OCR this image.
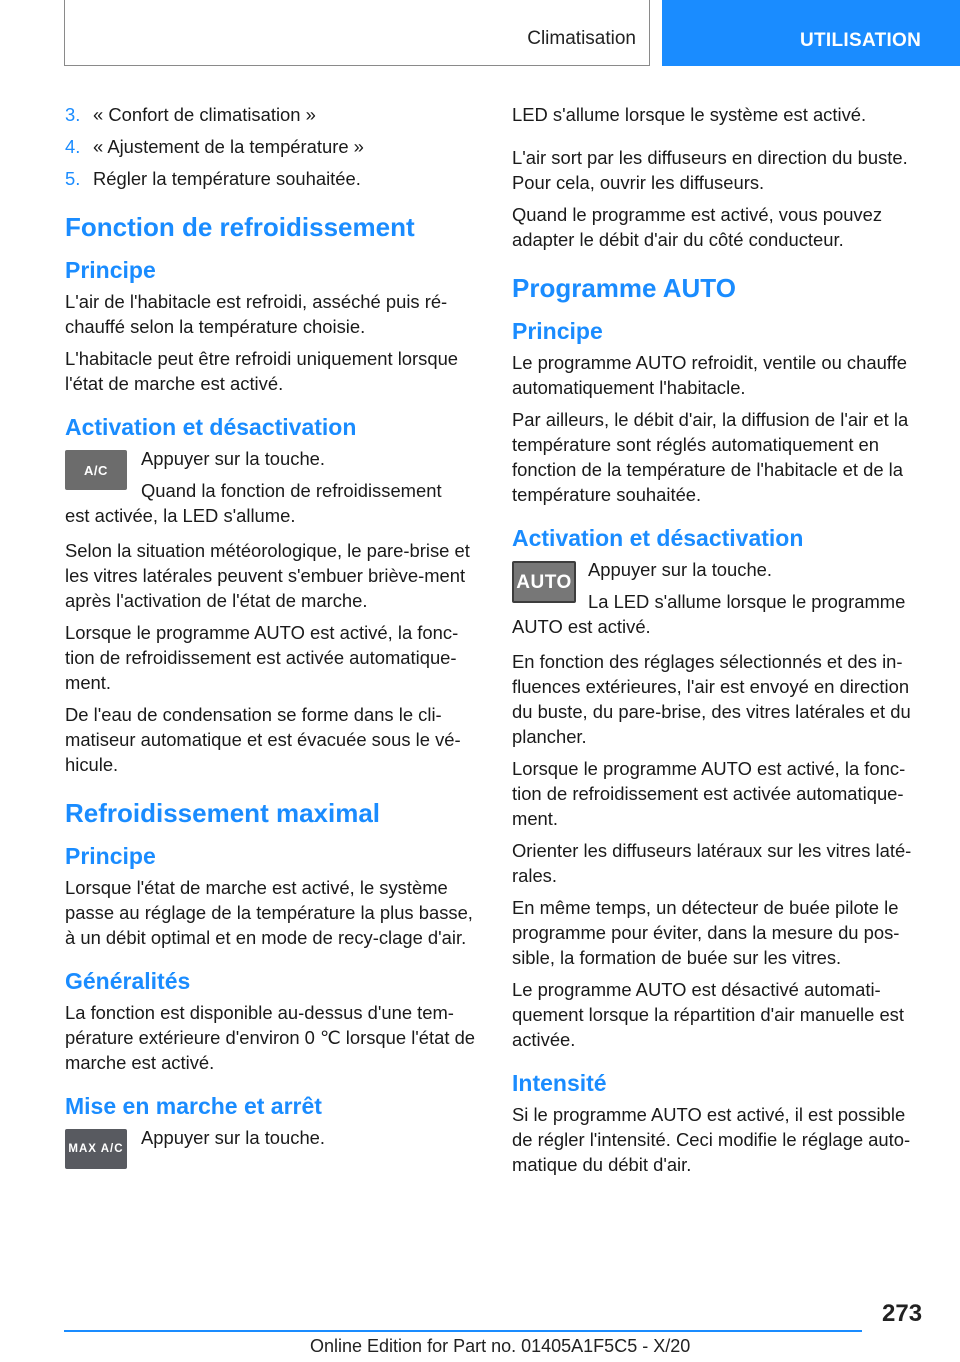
Climatisation	UTILISATION
3. « Confort de climatisation »
4. « Ajustement de la température »
5. Régler la température souhaitée.
Fonction de refroidissement
Principe

L'air de l'habitacle est refroidi, asséché puis ré-chauffé selon la température choisie.

L'habitacle peut être refroidi uniquement lorsque l'état de marche est activé.

Activation et désactivation
A/C

Appuyer sur la touche.

Quand la fonction de refroidissement

est activée, la LED s'allume.

Selon la situation météorologique, le pare-brise et les vitres latérales peuvent s'embuer briève-ment après l'activation de l'état de marche.

Lorsque le programme AUTO est activé, la fonc-tion de refroidissement est activée automatique-ment.

De l'eau de condensation se forme dans le cli-matiseur automatique et est évacuée sous le vé-hicule.

Refroidissement maximal
Principe

Lorsque l'état de marche est activé, le système passe au réglage de la température la plus basse, à un débit optimal et en mode de recy-clage d'air.

Généralités

La fonction est disponible au-dessus d'une tem-pérature extérieure d'environ 0 ℃ lorsque l'état de marche est activé.

Mise en marche et arrêt
MAX A/C

Appuyer sur la touche.

LED s'allume lorsque le système est activé.

L'air sort par les diffuseurs en direction du buste. Pour cela, ouvrir les diffuseurs.

Quand le programme est activé, vous pouvez adapter le débit d'air du côté conducteur.

Programme AUTO
Principe

Le programme AUTO refroidit, ventile ou chauffe automatiquement l'habitacle.

Par ailleurs, le débit d'air, la diffusion de l'air et la température sont réglés automatiquement en fonction de la température de l'habitacle et de la température souhaitée.

Activation et désactivation
AUTO

Appuyer sur la touche.

La LED s'allume lorsque le programme

AUTO est activé.

En fonction des réglages sélectionnés et des in-fluences extérieures, l'air est envoyé en direction du buste, du pare-brise, des vitres latérales et du plancher.

Lorsque le programme AUTO est activé, la fonc-tion de refroidissement est activée automatique-ment.

Orienter les diffuseurs latéraux sur les vitres laté-rales.

En même temps, un détecteur de buée pilote le programme pour éviter, dans la mesure du pos-sible, la formation de buée sur les vitres.

Le programme AUTO est désactivé automati-quement lorsque la répartition d'air manuelle est activée.

Intensité

Si le programme AUTO est activé, il est possible de régler l'intensité. Ceci modifie le réglage auto-matique du débit d'air.

273
Online Edition for Part no. 01405A1F5C5 - X/20
